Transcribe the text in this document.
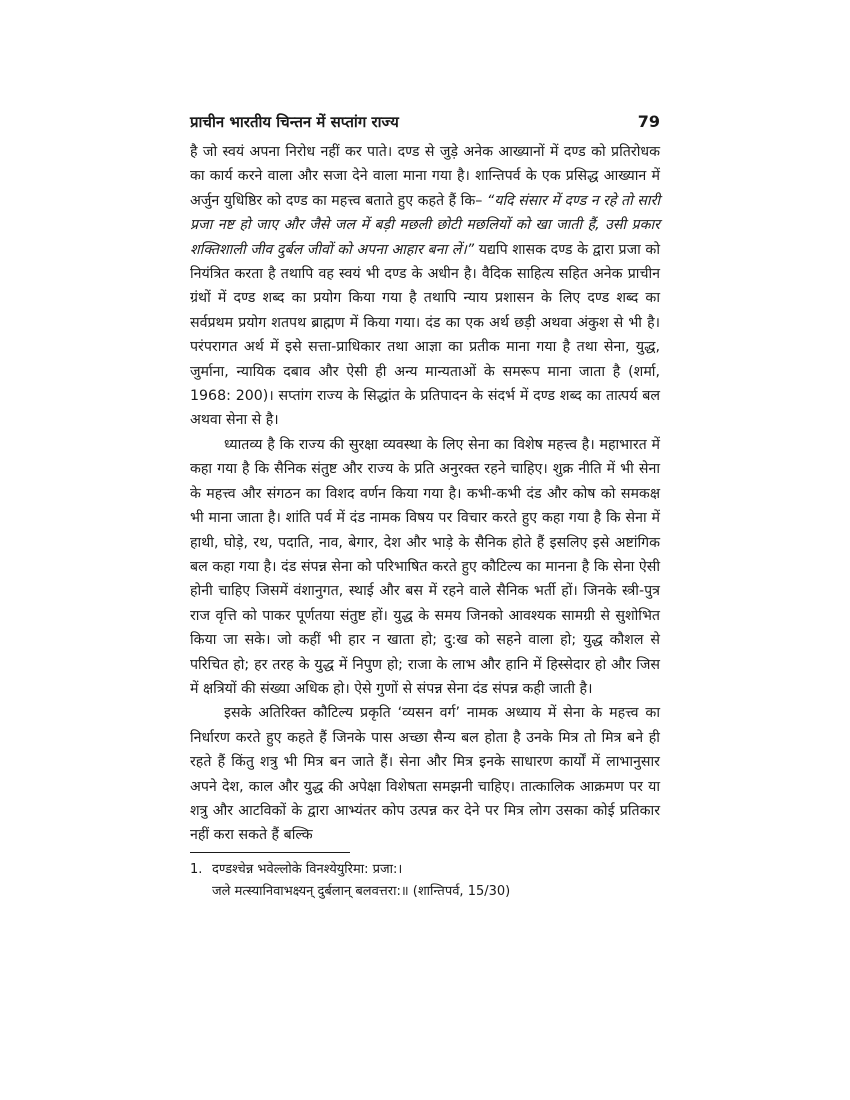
प्राचीन भारतीय चिन्तन में सप्तांग राज्य	79

है जो स्वयं अपना निरोध नहीं कर पाते। दण्ड से जुड़े अनेक आख्यानों में दण्ड को प्रतिरोधक का कार्य करने वाला और सजा देने वाला माना गया है। शान्तिपर्व के एक प्रसिद्ध आख्यान में अर्जुन युधिष्ठिर को दण्ड का महत्त्व बताते हुए कहते हैं कि– “यदि संसार में दण्ड न रहे तो सारी प्रजा नष्ट हो जाए और जैसे जल में बड़ी मछली छोटी मछलियों को खा जाती हैं, उसी प्रकार शक्तिशाली जीव दुर्बल जीवों को अपना आहार बना लें।” यद्यपि शासक दण्ड के द्वारा प्रजा को नियंत्रित करता है तथापि वह स्वयं भी दण्ड के अधीन है। वैदिक साहित्य सहित अनेक प्राचीन ग्रंथों में दण्ड शब्द का प्रयोग किया गया है तथापि न्याय प्रशासन के लिए दण्ड शब्द का सर्वप्रथम प्रयोग शतपथ ब्राह्मण में किया गया। दंड का एक अर्थ छड़ी अथवा अंकुश से भी है। परंपरागत अर्थ में इसे सत्ता-प्राधिकार तथा आज्ञा का प्रतीक माना गया है तथा सेना, युद्ध, जुर्माना, न्यायिक दबाव और ऐसी ही अन्य मान्यताओं के समरूप माना जाता है (शर्मा, 1968: 200)। सप्तांग राज्य के सिद्धांत के प्रतिपादन के संदर्भ में दण्ड शब्द का तात्पर्य बल अथवा सेना से है।

ध्यातव्य है कि राज्य की सुरक्षा व्यवस्था के लिए सेना का विशेष महत्त्व है। महाभारत में कहा गया है कि सैनिक संतुष्ट और राज्य के प्रति अनुरक्त रहने चाहिए। शुक्र नीति में भी सेना के महत्त्व और संगठन का विशद वर्णन किया गया है। कभी-कभी दंड और कोष को समकक्ष भी माना जाता है। शांति पर्व में दंड नामक विषय पर विचार करते हुए कहा गया है कि सेना में हाथी, घोड़े, रथ, पदाति, नाव, बेगार, देश और भाड़े के सैनिक होते हैं इसलिए इसे अष्टांगिक बल कहा गया है। दंड संपन्न सेना को परिभाषित करते हुए कौटिल्य का मानना है कि सेना ऐसी होनी चाहिए जिसमें वंशानुगत, स्थाई और बस में रहने वाले सैनिक भर्ती हों। जिनके स्त्री-पुत्र राज वृत्ति को पाकर पूर्णतया संतुष्ट हों। युद्ध के समय जिनको आवश्यक सामग्री से सुशोभित किया जा सके। जो कहीं भी हार न खाता हो; दु:ख को सहने वाला हो; युद्ध कौशल से परिचित हो; हर तरह के युद्ध में निपुण हो; राजा के लाभ और हानि में हिस्सेदार हो और जिस में क्षत्रियों की संख्या अधिक हो। ऐसे गुणों से संपन्न सेना दंड संपन्न कही जाती है।

इसके अतिरिक्त कौटिल्य प्रकृति ‘व्यसन वर्ग’ नामक अध्याय में सेना के महत्त्व का निर्धारण करते हुए कहते हैं जिनके पास अच्छा सैन्य बल होता है उनके मित्र तो मित्र बने ही रहते हैं किंतु शत्रु भी मित्र बन जाते हैं। सेना और मित्र इनके साधारण कार्यों में लाभानुसार अपने देश, काल और युद्ध की अपेक्षा विशेषता समझनी चाहिए। तात्कालिक आक्रमण पर या शत्रु और आटविकों के द्वारा आभ्यंतर कोप उत्पन्न कर देने पर मित्र लोग उसका कोई प्रतिकार नहीं करा सकते हैं बल्कि

1. दण्डश्चेन्न भवेल्लोके विनश्येयुरिमा: प्रजा:।
जले मत्स्यानिवाभक्ष्यन् दुर्बलान् बलवत्तरा:॥ (शान्तिपर्व, 15/30)
